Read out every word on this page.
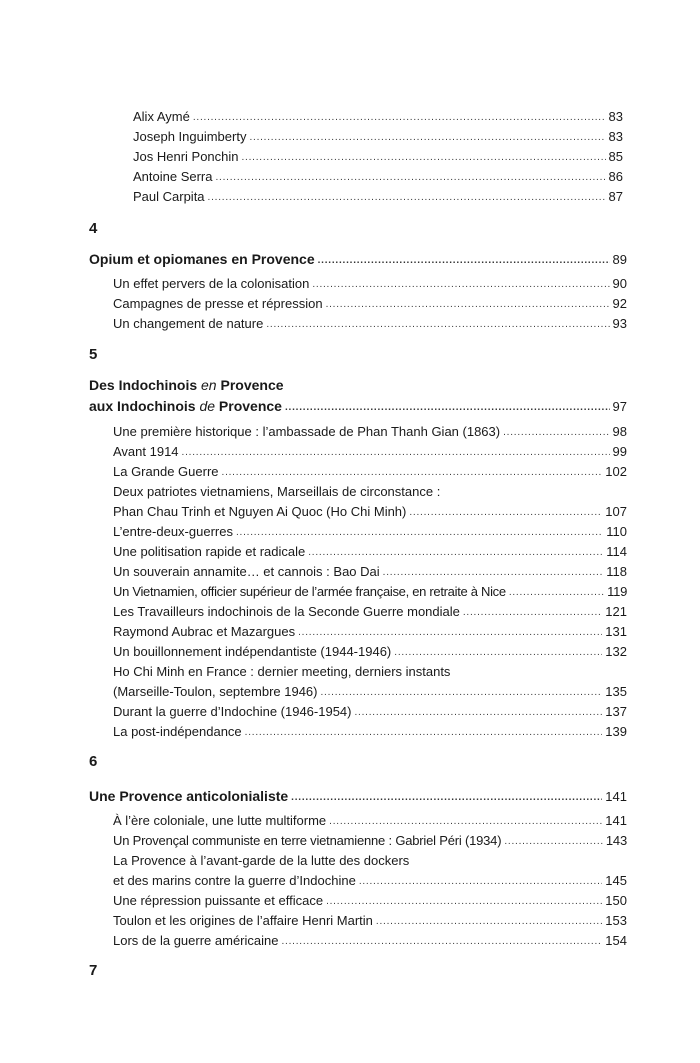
Alix Aymé . . .	83
Joseph Inguimberty . . .	83
Jos Henri Ponchin . . .	85
Antoine Serra . . .	86
Paul Carpita . . .	87
4
Opium et opiomanes en Provence . . .	89
Un effet pervers de la colonisation . . .	90
Campagnes de presse et répression . . .	92
Un changement de nature . . .	93
5
Des Indochinois en Provence
aux Indochinois de Provence . . .	97
Une première historique : l’ambassade de Phan Thanh Gian (1863) . . .	98
Avant 1914 . . .	99
La Grande Guerre . . .	102
Deux patriotes vietnamiens, Marseillais de circonstance :
Phan Chau Trinh et Nguyen Ai Quoc (Ho Chi Minh) . . .	107
L’entre-deux-guerres . . .	110
Une politisation rapide et radicale . . .	114
Un souverain annamite… et cannois : Bao Dai . . .	118
Un Vietnamien, officier supérieur de l’armée française, en retraite à Nice . . .	119
Les Travailleurs indochinois de la Seconde Guerre mondiale . . .	121
Raymond Aubrac et Mazargues . . .	131
Un bouillonnement indépendantiste (1944-1946) . . .	132
Ho Chi Minh en France : dernier meeting, derniers instants
(Marseille-Toulon, septembre 1946) . . .	135
Durant la guerre d’Indochine (1946-1954) . . .	137
La post-indépendance . . .	139
6
Une Provence anticolonialiste . . .	141
À l’ère coloniale, une lutte multiforme . . .	141
Un Provençal communiste en terre vietnamienne : Gabriel Péri (1934) . . .	143
La Provence à l’avant-garde de la lutte des dockers
et des marins contre la guerre d’Indochine . . .	145
Une répression puissante et efficace . . .	150
Toulon et les origines de l’affaire Henri Martin . . .	153
Lors de la guerre américaine . . .	154
7
